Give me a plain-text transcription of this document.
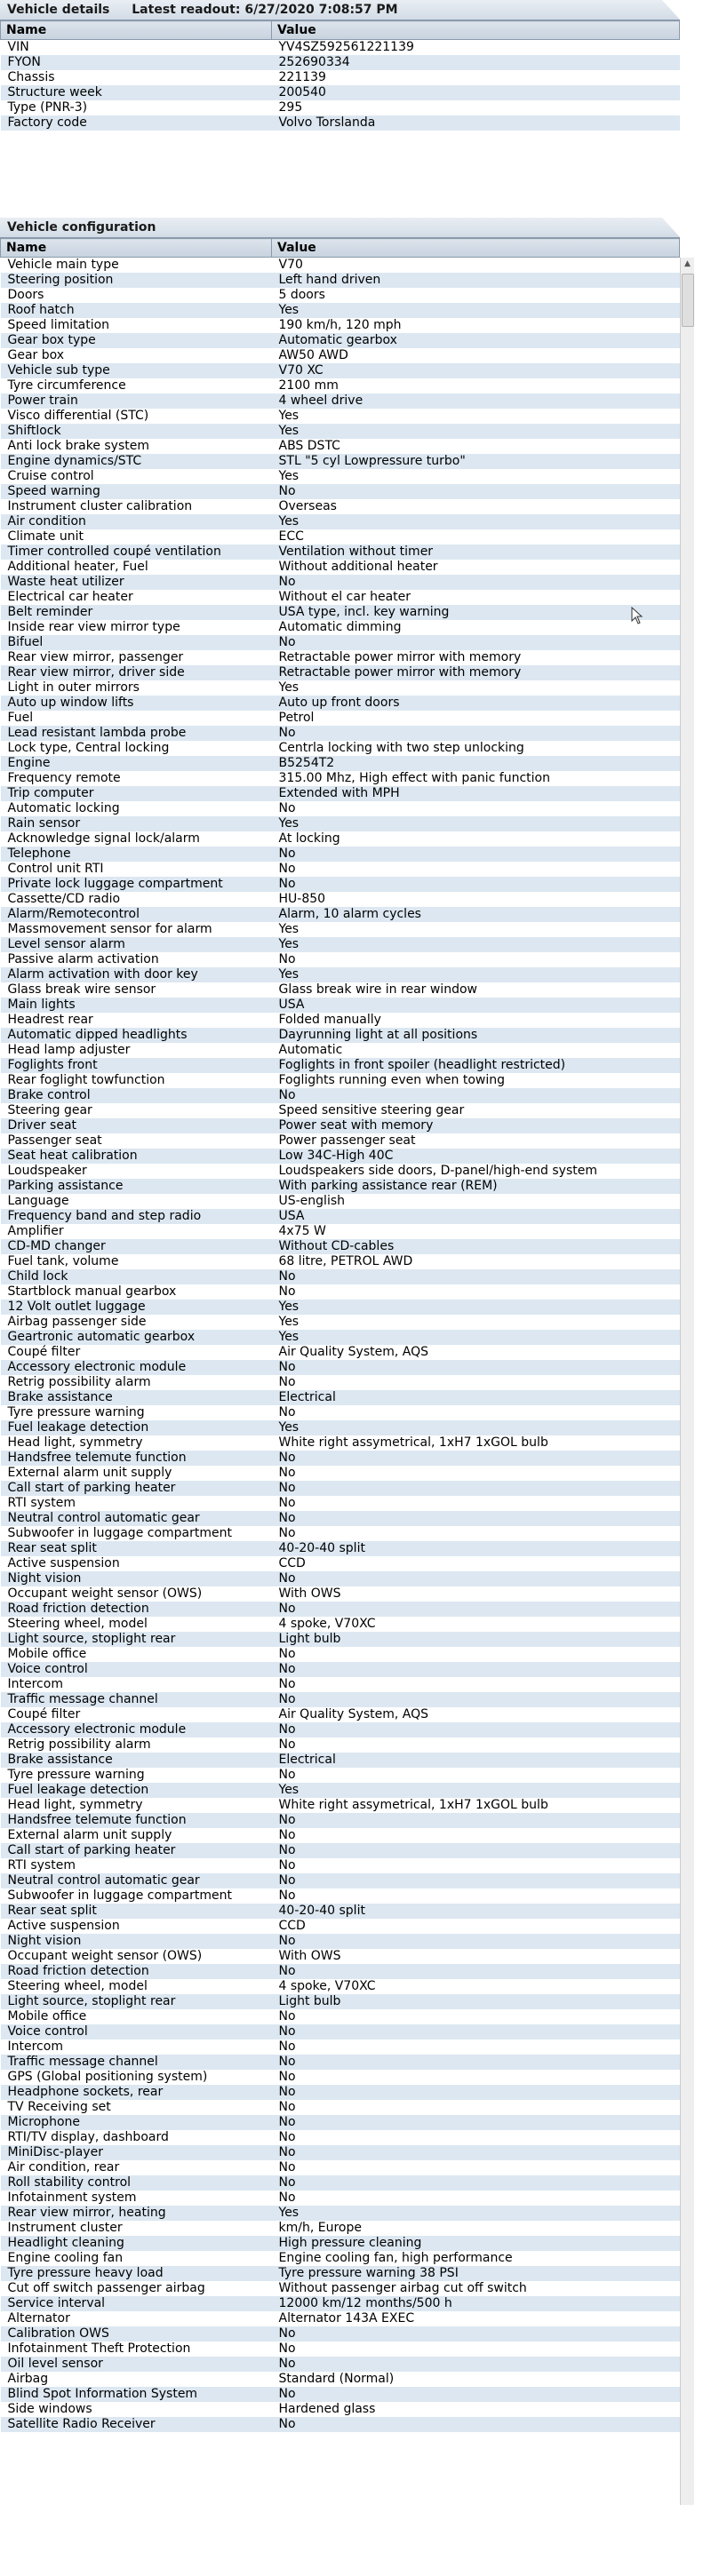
Vehicle details Latest readout: 6/27/2020 7:08:57 PM
Name	Value
VIN	YV4SZ592561221139
FYON	252690334
Chassis	221139
Structure week	200540
Type (PNR-3)	295
Factory code	Volvo Torslanda
Vehicle configuration
Name	Value
Vehicle main type	V70
Steering position	Left hand driven
Doors	5 doors
Roof hatch	Yes
Speed limitation	190 km/h, 120 mph
Gear box type	Automatic gearbox
Gear box	AW50 AWD
Vehicle sub type	V70 XC
Tyre circumference	2100 mm
Power train	4 wheel drive
Visco differential (STC)	Yes
Shiftlock	Yes
Anti lock brake system	ABS DSTC
Engine dynamics/STC	STL "5 cyl Lowpressure turbo"
Cruise control	Yes
Speed warning	No
Instrument cluster calibration	Overseas
Air condition	Yes
Climate unit	ECC
Timer controlled coupé ventilation	Ventilation without timer
Additional heater, Fuel	Without additional heater
Waste heat utilizer	No
Electrical car heater	Without el car heater
Belt reminder	USA type, incl. key warning
Inside rear view mirror type	Automatic dimming
Bifuel	No
Rear view mirror, passenger	Retractable power mirror with memory
Rear view mirror, driver side	Retractable power mirror with memory
Light in outer mirrors	Yes
Auto up window lifts	Auto up front doors
Fuel	Petrol
Lead resistant lambda probe	No
Lock type, Central locking	Centrla locking with two step unlocking
Engine	B5254T2
Frequency remote	315.00 Mhz, High effect with panic function
Trip computer	Extended with MPH
Automatic locking	No
Rain sensor	Yes
Acknowledge signal lock/alarm	At locking
Telephone	No
Control unit RTI	No
Private lock luggage compartment	No
Cassette/CD radio	HU-850
Alarm/Remotecontrol	Alarm, 10 alarm cycles
Massmovement sensor for alarm	Yes
Level sensor alarm	Yes
Passive alarm activation	No
Alarm activation with door key	Yes
Glass break wire sensor	Glass break wire in rear window
Main lights	USA
Headrest rear	Folded manually
Automatic dipped headlights	Dayrunning light at all positions
Head lamp adjuster	Automatic
Foglights front	Foglights in front spoiler (headlight restricted)
Rear foglight towfunction	Foglights running even when towing
Brake control	No
Steering gear	Speed sensitive steering gear
Driver seat	Power seat with memory
Passenger seat	Power passenger seat
Seat heat calibration	Low 34C-High 40C
Loudspeaker	Loudspeakers side doors, D-panel/high-end system
Parking assistance	With parking assistance rear (REM)
Language	US-english
Frequency band and step radio	USA
Amplifier	4x75 W
CD-MD changer	Without CD-cables
Fuel tank, volume	68 litre, PETROL AWD
Child lock	No
Startblock manual gearbox	No
12 Volt outlet luggage	Yes
Airbag passenger side	Yes
Geartronic automatic gearbox	Yes
Coupé filter	Air Quality System, AQS
Accessory electronic module	No
Retrig possibility alarm	No
Brake assistance	Electrical
Tyre pressure warning	No
Fuel leakage detection	Yes
Head light, symmetry	White right assymetrical, 1xH7 1xGOL bulb
Handsfree telemute function	No
External alarm unit supply	No
Call start of parking heater	No
RTI system	No
Neutral control automatic gear	No
Subwoofer in luggage compartment	No
Rear seat split	40-20-40 split
Active suspension	CCD
Night vision	No
Occupant weight sensor (OWS)	With OWS
Road friction detection	No
Steering wheel, model	4 spoke, V70XC
Light source, stoplight rear	Light bulb
Mobile office	No
Voice control	No
Intercom	No
Traffic message channel	No
Coupé filter	Air Quality System, AQS
Accessory electronic module	No
Retrig possibility alarm	No
Brake assistance	Electrical
Tyre pressure warning	No
Fuel leakage detection	Yes
Head light, symmetry	White right assymetrical, 1xH7 1xGOL bulb
Handsfree telemute function	No
External alarm unit supply	No
Call start of parking heater	No
RTI system	No
Neutral control automatic gear	No
Subwoofer in luggage compartment	No
Rear seat split	40-20-40 split
Active suspension	CCD
Night vision	No
Occupant weight sensor (OWS)	With OWS
Road friction detection	No
Steering wheel, model	4 spoke, V70XC
Light source, stoplight rear	Light bulb
Mobile office	No
Voice control	No
Intercom	No
Traffic message channel	No
GPS (Global positioning system)	No
Headphone sockets, rear	No
TV Receiving set	No
Microphone	No
RTI/TV display, dashboard	No
MiniDisc-player	No
Air condition, rear	No
Roll stability control	No
Infotainment system	No
Rear view mirror, heating	Yes
Instrument cluster	km/h, Europe
Headlight cleaning	High pressure cleaning
Engine cooling fan	Engine cooling fan, high performance
Tyre pressure heavy load	Tyre pressure warning 38 PSI
Cut off switch passenger airbag	Without passenger airbag cut off switch
Service interval	12000 km/12 months/500 h
Alternator	Alternator 143A EXEC
Calibration OWS	No
Infotainment Theft Protection	No
Oil level sensor	No
Airbag	Standard (Normal)
Blind Spot Information System	No
Side windows	Hardened glass
Satellite Radio Receiver	No
▲
